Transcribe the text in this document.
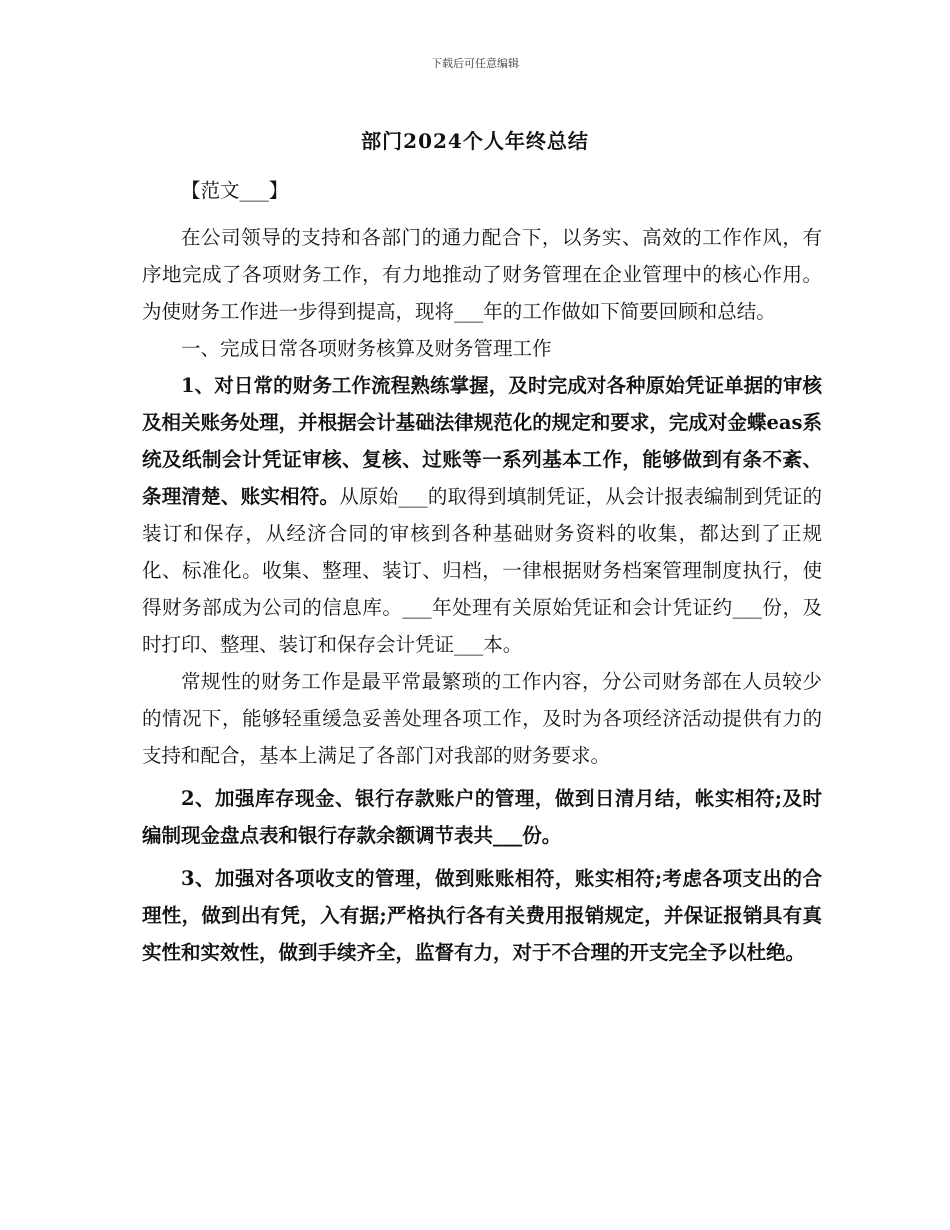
下载后可任意编辑
部门2024个人年终总结

【范文___】

在公司领导的支持和各部门的通力配合下，以务实、高效的工作作风，有序地完成了各项财务工作，有力地推动了财务管理在企业管理中的核心作用。为使财务工作进一步得到提高，现将___年的工作做如下简要回顾和总结。

一、完成日常各项财务核算及财务管理工作

1、对日常的财务工作流程熟练掌握，及时完成对各种原始凭证单据的审核及相关账务处理，并根据会计基础法律规范化的规定和要求，完成对金蝶eas系统及纸制会计凭证审核、复核、过账等一系列基本工作，能够做到有条不紊、条理清楚、账实相符。从原始___的取得到填制凭证，从会计报表编制到凭证的装订和保存，从经济合同的审核到各种基础财务资料的收集，都达到了正规化、标准化。收集、整理、装订、归档，一律根据财务档案管理制度执行，使得财务部成为公司的信息库。___年处理有关原始凭证和会计凭证约___份，及时打印、整理、装订和保存会计凭证___本。

常规性的财务工作是最平常最繁琐的工作内容，分公司财务部在人员较少的情况下，能够轻重缓急妥善处理各项工作，及时为各项经济活动提供有力的支持和配合，基本上满足了各部门对我部的财务要求。

2、加强库存现金、银行存款账户的管理，做到日清月结，帐实相符;及时编制现金盘点表和银行存款余额调节表共___份。

3、加强对各项收支的管理，做到账账相符，账实相符;考虑各项支出的合理性，做到出有凭，入有据;严格执行各有关费用报销规定，并保证报销具有真实性和实效性，做到手续齐全，监督有力，对于不合理的开支完全予以杜绝。
